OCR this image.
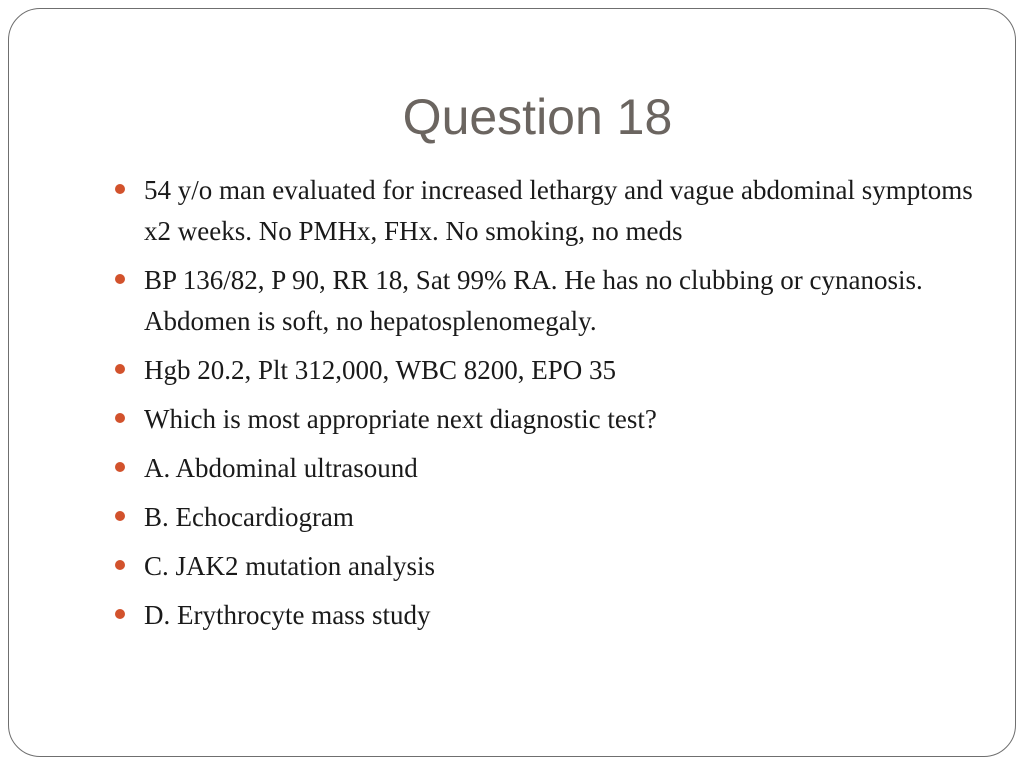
Question 18
54 y/o man evaluated for increased lethargy and vague abdominal symptoms x2 weeks. No PMHx, FHx. No smoking, no meds
BP 136/82, P 90, RR 18, Sat 99% RA. He has no clubbing or cynanosis. Abdomen is soft, no hepatosplenomegaly.
Hgb 20.2, Plt 312,000, WBC 8200, EPO 35
Which is most appropriate next diagnostic test?
A. Abdominal ultrasound
B. Echocardiogram
C. JAK2 mutation analysis
D. Erythrocyte mass study
